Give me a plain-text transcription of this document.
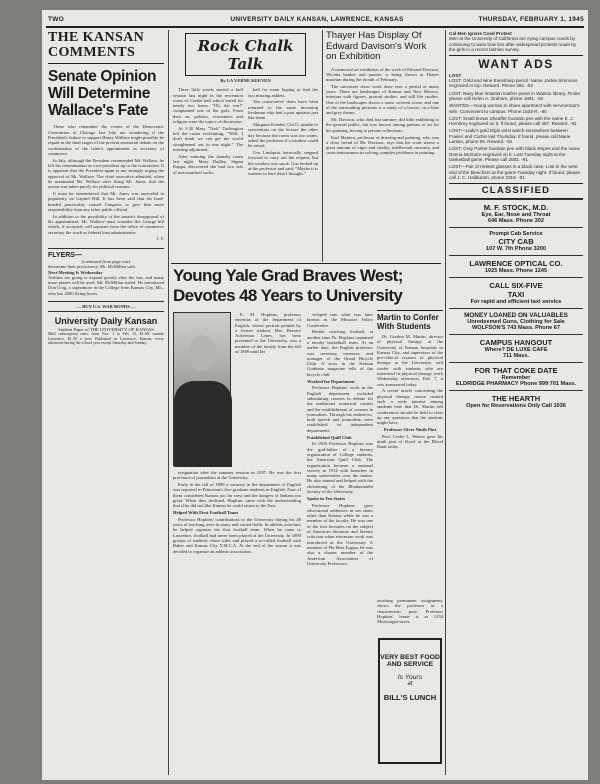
TWO	UNIVERSITY DAILY KANSAN, LAWRENCE, KANSAS	THURSDAY, FEBRUARY 1, 1945
THE KANSAN COMMENTS
Senate Opinion Will Determine Wallace's Fate

Those who remember the events of the Democratic Convention in Chicago last July are wondering if the President's failure to support Henry Wallace might possibly be repaid in the final stages of the present senatorial debate on the confirmation of the latter's appointment as secretary of commerce.

In July, although the President commended Mr. Wallace, he left his renomination as vice-president up to the convention. It is apparent that the President again is not strongly urging the approval of Mr. Wallace. The chief executive admitted, when he nominated Mr. Wallace after firing Mr. Jones, that the action was taken purely for political reasons.

It must be remembered that Mr. Jones was unrivaled in popularity on Capitol Hill. It has been said that his hard-headed practicality caused Congress to give him more responsibility than any other public official.

In addition to the possibility of the senate's disapproval of his appointment, Mr. Wallace must consider the George bill which, if accepted, will separate from the office of commerce secretary the work as federal loan administrator.

J. V.

FLYERS—
(continued from page one)
determine their proficiency, Mr. McMillen said.
Next Meeting Is Wednesday
Airlines are going to expand greatly after the war, and many more planes will be used, Mr. McMillan stated. He introduced Don Crog, a sophomore in the College from Kansas City, Mo., who has 2000 flying hours.
— BUY U.S. WAR BONDS —
University Daily Kansan
Student Paper of THE UNIVERSITY OF KANSAS
Mail subscription rates, from Nov. 1 to Feb. 15, $1.00; outside Lawrence, $1.50 a year. Published in Lawrence, Kansas, every afternoon during the school year except Saturday and Sunday.
Rock Chalk Talk
By LA VERNE KEEVEN

Three little words started a bull session last night in the recreation room of Corbin hall which lasted for nearly two hours. "Oh, the war!" complained one of the girls. From then on, politics, economics and religion were the topics of discussion.

At 1:30 Mary "Turk" Turkington left the room exclaiming, "Well, I don't think we can get the world straightened out in one night." The meeting adjourned.

After entering the laundry room last night, Mary Dudley, Sigma Kappa, discovered she had two sets of mis-matched socks.

ball for room hoping to find the two missing anklets.

Ten consecutive dates have been returned to the same incoming freshman who had a pair upstairs just like them.

Margaret Kreider, Chi O, unable to concentrate on the lecture the other day because the room was too warm, asked the professor if a window could be raised.

Gus Lindquist heroically stepped forward to carry out the request, but the window was stuck. Gus looked up at the professor and said: "Maybe it is warmer in here than I thought."

Thayer Has Display Of Edward Davison's Work on Exhibition

A memorial art exhibition of the work of Edward Davison, Wichita banker and painter, is being shown at Thayer museum during the month of February.

The canvasses show work done over a period of many years. There are landscapes of Kansas and New Mexico, interiors with figures, portrait studies, and still life studies. One of the landscapes shows a snow covered scene, and one of the outstanding portraits is a study of a lawyer, in a blue and grey theme.

Mr. Davison, who died last summer, did little exhibiting to the general public, but was known among patrons of art for his painting, having to private collections.

Karl Mattern, professor of drawing and painting, who was a close friend of Mr. Davison, says that his work shows a great amount of vigor and vitality, intellectual curiosity, and conscientiousness in solving complex problems in painting.

Young Yale Grad Braves West; Devotes 48 Years to University

E. M. Hopkins, professor emeritus of the department of English, whose portrait painted by a former student, Mrs. Bernice Ackerman Lepes, has been presented to the University, was a member of the faculty from the fall of 1889 until his

resignation after the summer session in 1937. He was the first professor of journalism at the University.

Early in the fall of 1889 a vacancy in the department of English was reported to Princeton's five graduate students in English. Four of them considered Kansas too far west and the dangers of Indians too great. When they declined, Hopkins came with the understanding that if he did not like Kansas he could return to the East.

Helped With First Football Team

Professor Hopkins' contributions to the University during his 48 years of teaching were in many and varied fields. In athletic activities he helped organize the first football team. When he came to Lawrence, football had never been played at the University. In 1890 groups of students chose sides and played a so-called football with Baker and Kansas City Y.M.C.A. At the end of the season it was decided to organize an athletic association.

veloped into what was later known as the Missouri Valley Conference.

Beside coaching football, at another time Dr. Hopkins captained a faculty basketball team. At an earlier date, the English professor was secretary, treasurer, and manager of the Oread Bicycle Club. A story in the Kansan Graduate magazine tells of the bicycle club.

Worked for Department

Professor Hopkins' work in the English department included substituting courses in debate for the traditional oratorical contest and the establishment of courses in journalism. Through his endeavors, both speech and journalism were established in independent departments.

Established Quill Club

In 1900 Professor Hopkins was the god-father of a literary organization of College students, the American Quill Club. The organization became a national society in 1914 with branches in many universities over the nation. He also named and helped with the christening of the Bhudamanthi Society of the University.

Spoke in Ten States

Professor Hopkins gave educational addresses in ten states other than Kansas while he was a member of the faculty. He was one of the first lecturers on the subject of American literature and literary criticism when extension work was introduced at the University. A member of Phi Beta Kappa, he was also a charter member of the American Association of University Professors.

Martin to Confer With Students

Dr. Gordon M. Martin, director of physical therapy at the University of Kansas hospitals in Kansas City, and supervisor of the pre-clinical courses in physical therapy at the University, will confer with students who are interested in physical therapy work Wednesday afternoon, Feb. 7, it was announced today.

A recent article concerning the physical therapy course created such a wide interest among students here that Dr. Martin felt conferences should be held to clear up any questions that the students might have.

Professor Gives Ninth Pint

Prof. Leslie L. Waters gave his ninth pint of blood at the Blood Bank today.

awaiting permanent assignment, shows the professor in a characteristic pose. Professor Hopkins' home is at 1234 Mississippi street.
VERY BEST FOOD
AND SERVICE
Is Yours
at
BILL'S LUNCH
Cal Men Ignore Coed Protest
Men at the University of California are eying campus coeds by continuing to wear bow ties after widespread protests made by the girls in a recent fashion survey.
WANT ADS
LOST

LOST: Gold and wine Eversharp pencil. Name Jackie Simmons engraved in top. Reward. Phone 394. -92

LOST: Navy blue imitation leather purse in Watson library. Finder please call Helen A. Graham, phone 1891. -92

WANTED—Young woman to share apartment with serviceman's wife. Convenient to campus. Phone 1534-R. -90

LOST: Small brown Sheaffer fountain pen with the name E. J. Hembrey engraved on it. If found, please call 267. Reward. -91

LOST—Lady's gold Elgin wrist watch somewhere between Frasier and Corbin last Thursday. If found, please call Marie Larsen, phone 89. Reward. -91

LOST: Gray Parker fountain pen with black stripes and the name Deena McGuire engraved on it. Lost Tuesday night at the basketball game. Please call 2582. -91

LOST—Pair of rimless glasses in a black case. Lost in the west end of the bleachers at the game Tuesday night. If found, please call J. C. Haliburton, phone 2318. -91

CLASSIFIED
M. F. STOCK, M.D.
Eye, Ear, Nose and Throat
646 Mass. Phone 302
Prompt Cab Service
CITY CAB
107 W. 7th Phone 3200
LAWRENCE OPTICAL CO.
1025 Mass. Phone 1245
CALL SIX-FIVE
TAXI
For rapid and efficient taxi service
MONEY LOANED ON VALUABLES
Unredeemed Guns, Clothing for Sale
WOLFSON'S 743 Mass. Phone 67
CAMPUS HANGOUT
Where? DE LUXE CAFE
711 Mass.
FOR THAT COKE DATE
Remember
ELDRIDGE PHARMACY Phone 999 701 Mass.
THE HEARTH
Open for Reservations Only Call 1036
